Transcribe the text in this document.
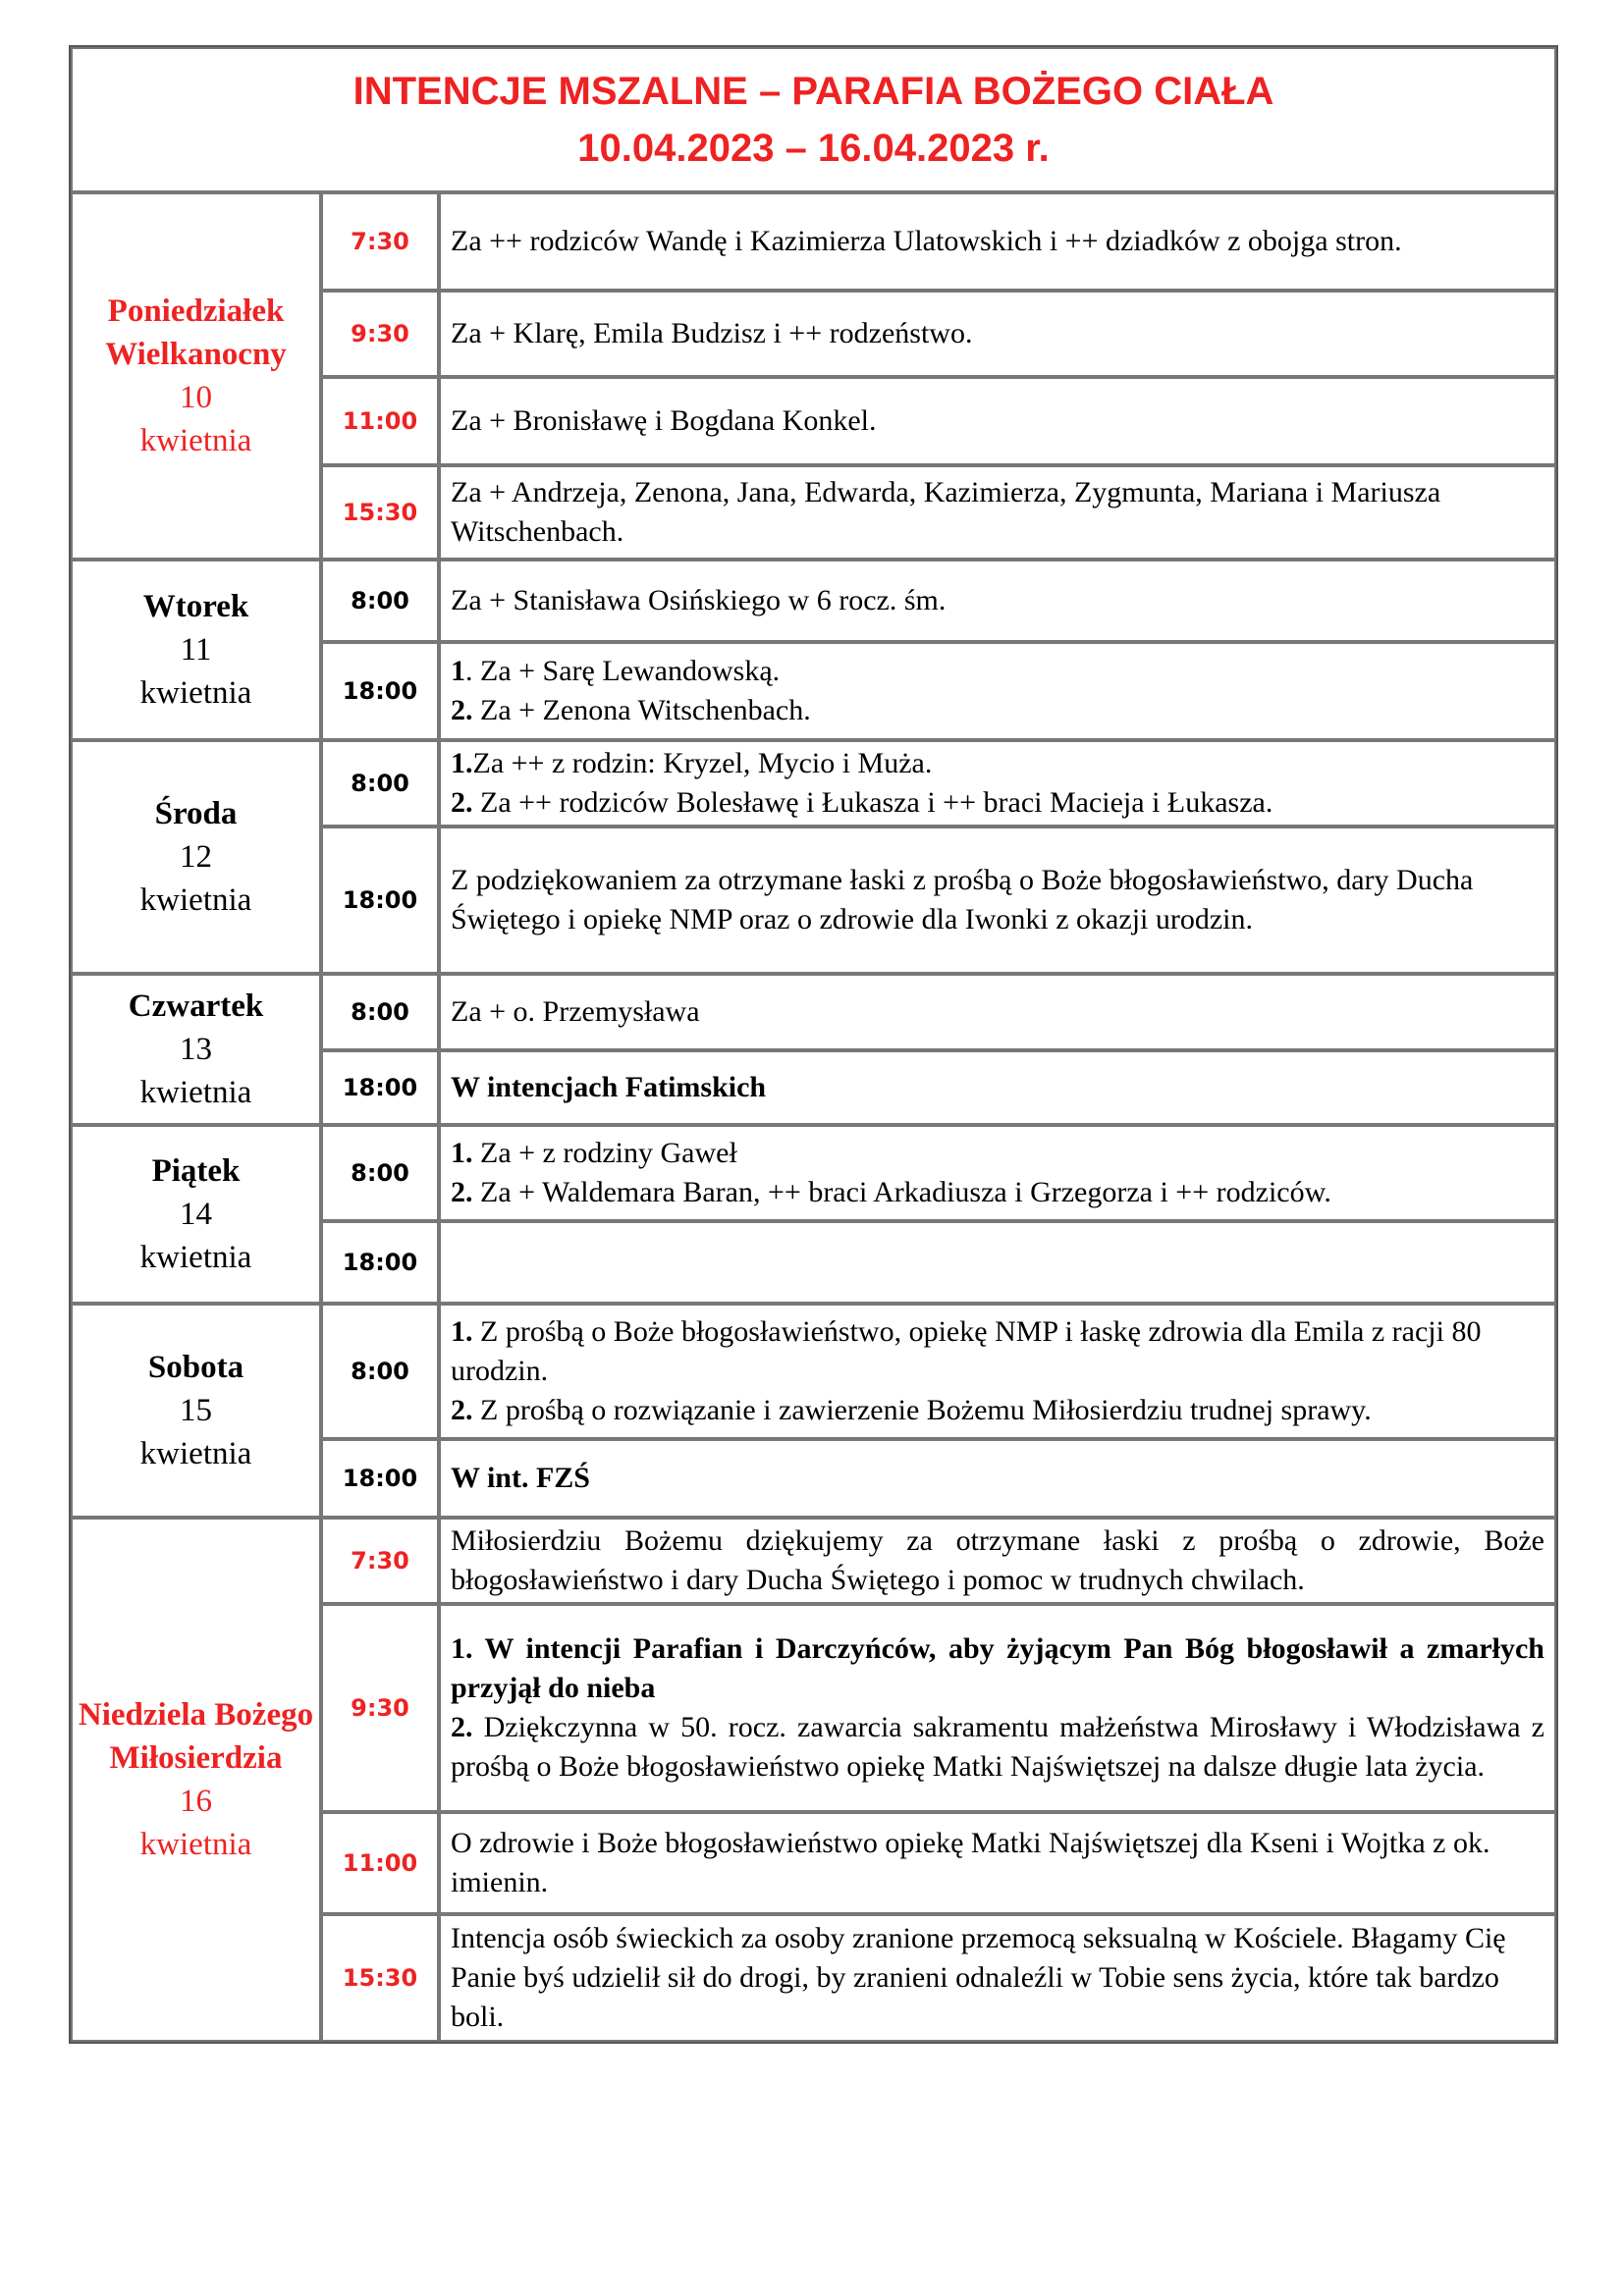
INTENCJE MSZALNE – PARAFIA BOŻEGO CIAŁA
10.04.2023 – 16.04.2023 r.		

Poniedziałek Wielkanocny
10
kwietnia	7:30	Za ++ rodziców Wandę i Kazimierza Ulatowskich i ++ dziadków z obojga stron.

	9:30	Za + Klarę, Emila Budzisz i ++ rodzeństwo.

	11:00	Za + Bronisławę i Bogdana Konkel.

	15:30	Za + Andrzeja, Zenona, Jana, Edwarda, Kazimierza, Zygmunta, Mariana i Mariusza Witschenbach.

Wtorek
11
kwietnia	8:00	Za + Stanisława Osińskiego w 6 rocz. śm.

	18:00	1. Za + Sarę Lewandowską.
2. Za + Zenona Witschenbach.

Środa
12
kwietnia	8:00	1.Za ++ z rodzin: Kryzel, Mycio i Muża.
2. Za ++ rodziców Bolesławę i Łukasza i ++ braci Macieja i Łukasza.

	18:00	Z podziękowaniem za otrzymane łaski z prośbą o Boże błogosławieństwo, dary Ducha Świętego i opiekę NMP oraz o zdrowie dla Iwonki z okazji urodzin.

Czwartek
13
kwietnia	8:00	Za + o. Przemysława

	18:00	W intencjach Fatimskich

Piątek
14
kwietnia	8:00	1. Za + z rodziny Gaweł
2. Za + Waldemara Baran, ++ braci Arkadiusza i Grzegorza i ++ rodziców.

	18:00	

Sobota
15
kwietnia	8:00	1. Z prośbą o Boże błogosławieństwo, opiekę NMP i łaskę zdrowia dla Emila z racji 80 urodzin.
2. Z prośbą o rozwiązanie i zawierzenie Bożemu Miłosierdziu trudnej sprawy.

	18:00	W int. FZŚ

Niedziela Bożego Miłosierdzia
16
kwietnia	7:30	Miłosierdziu Bożemu dziękujemy za otrzymane łaski z prośbą o zdrowie, Boże błogosławieństwo i dary Ducha Świętego i pomoc w trudnych chwilach.

	9:30	1. W intencji Parafian i Darczyńców, aby żyjącym Pan Bóg błogosławił a zmarłych przyjął do nieba
2. Dziękczynna w 50. rocz. zawarcia sakramentu małżeństwa Mirosławy i Włodzisława z prośbą o Boże błogosławieństwo opiekę Matki Najświętszej na dalsze długie lata życia.

	11:00	O zdrowie i Boże błogosławieństwo opiekę Matki Najświętszej dla Kseni i Wojtka z ok. imienin.

	15:30	Intencja osób świeckich za osoby zranione przemocą seksualną w Kościele. Błagamy Cię Panie byś udzielił sił do drogi, by zranieni odnaleźli w Tobie sens życia, które tak bardzo boli.
